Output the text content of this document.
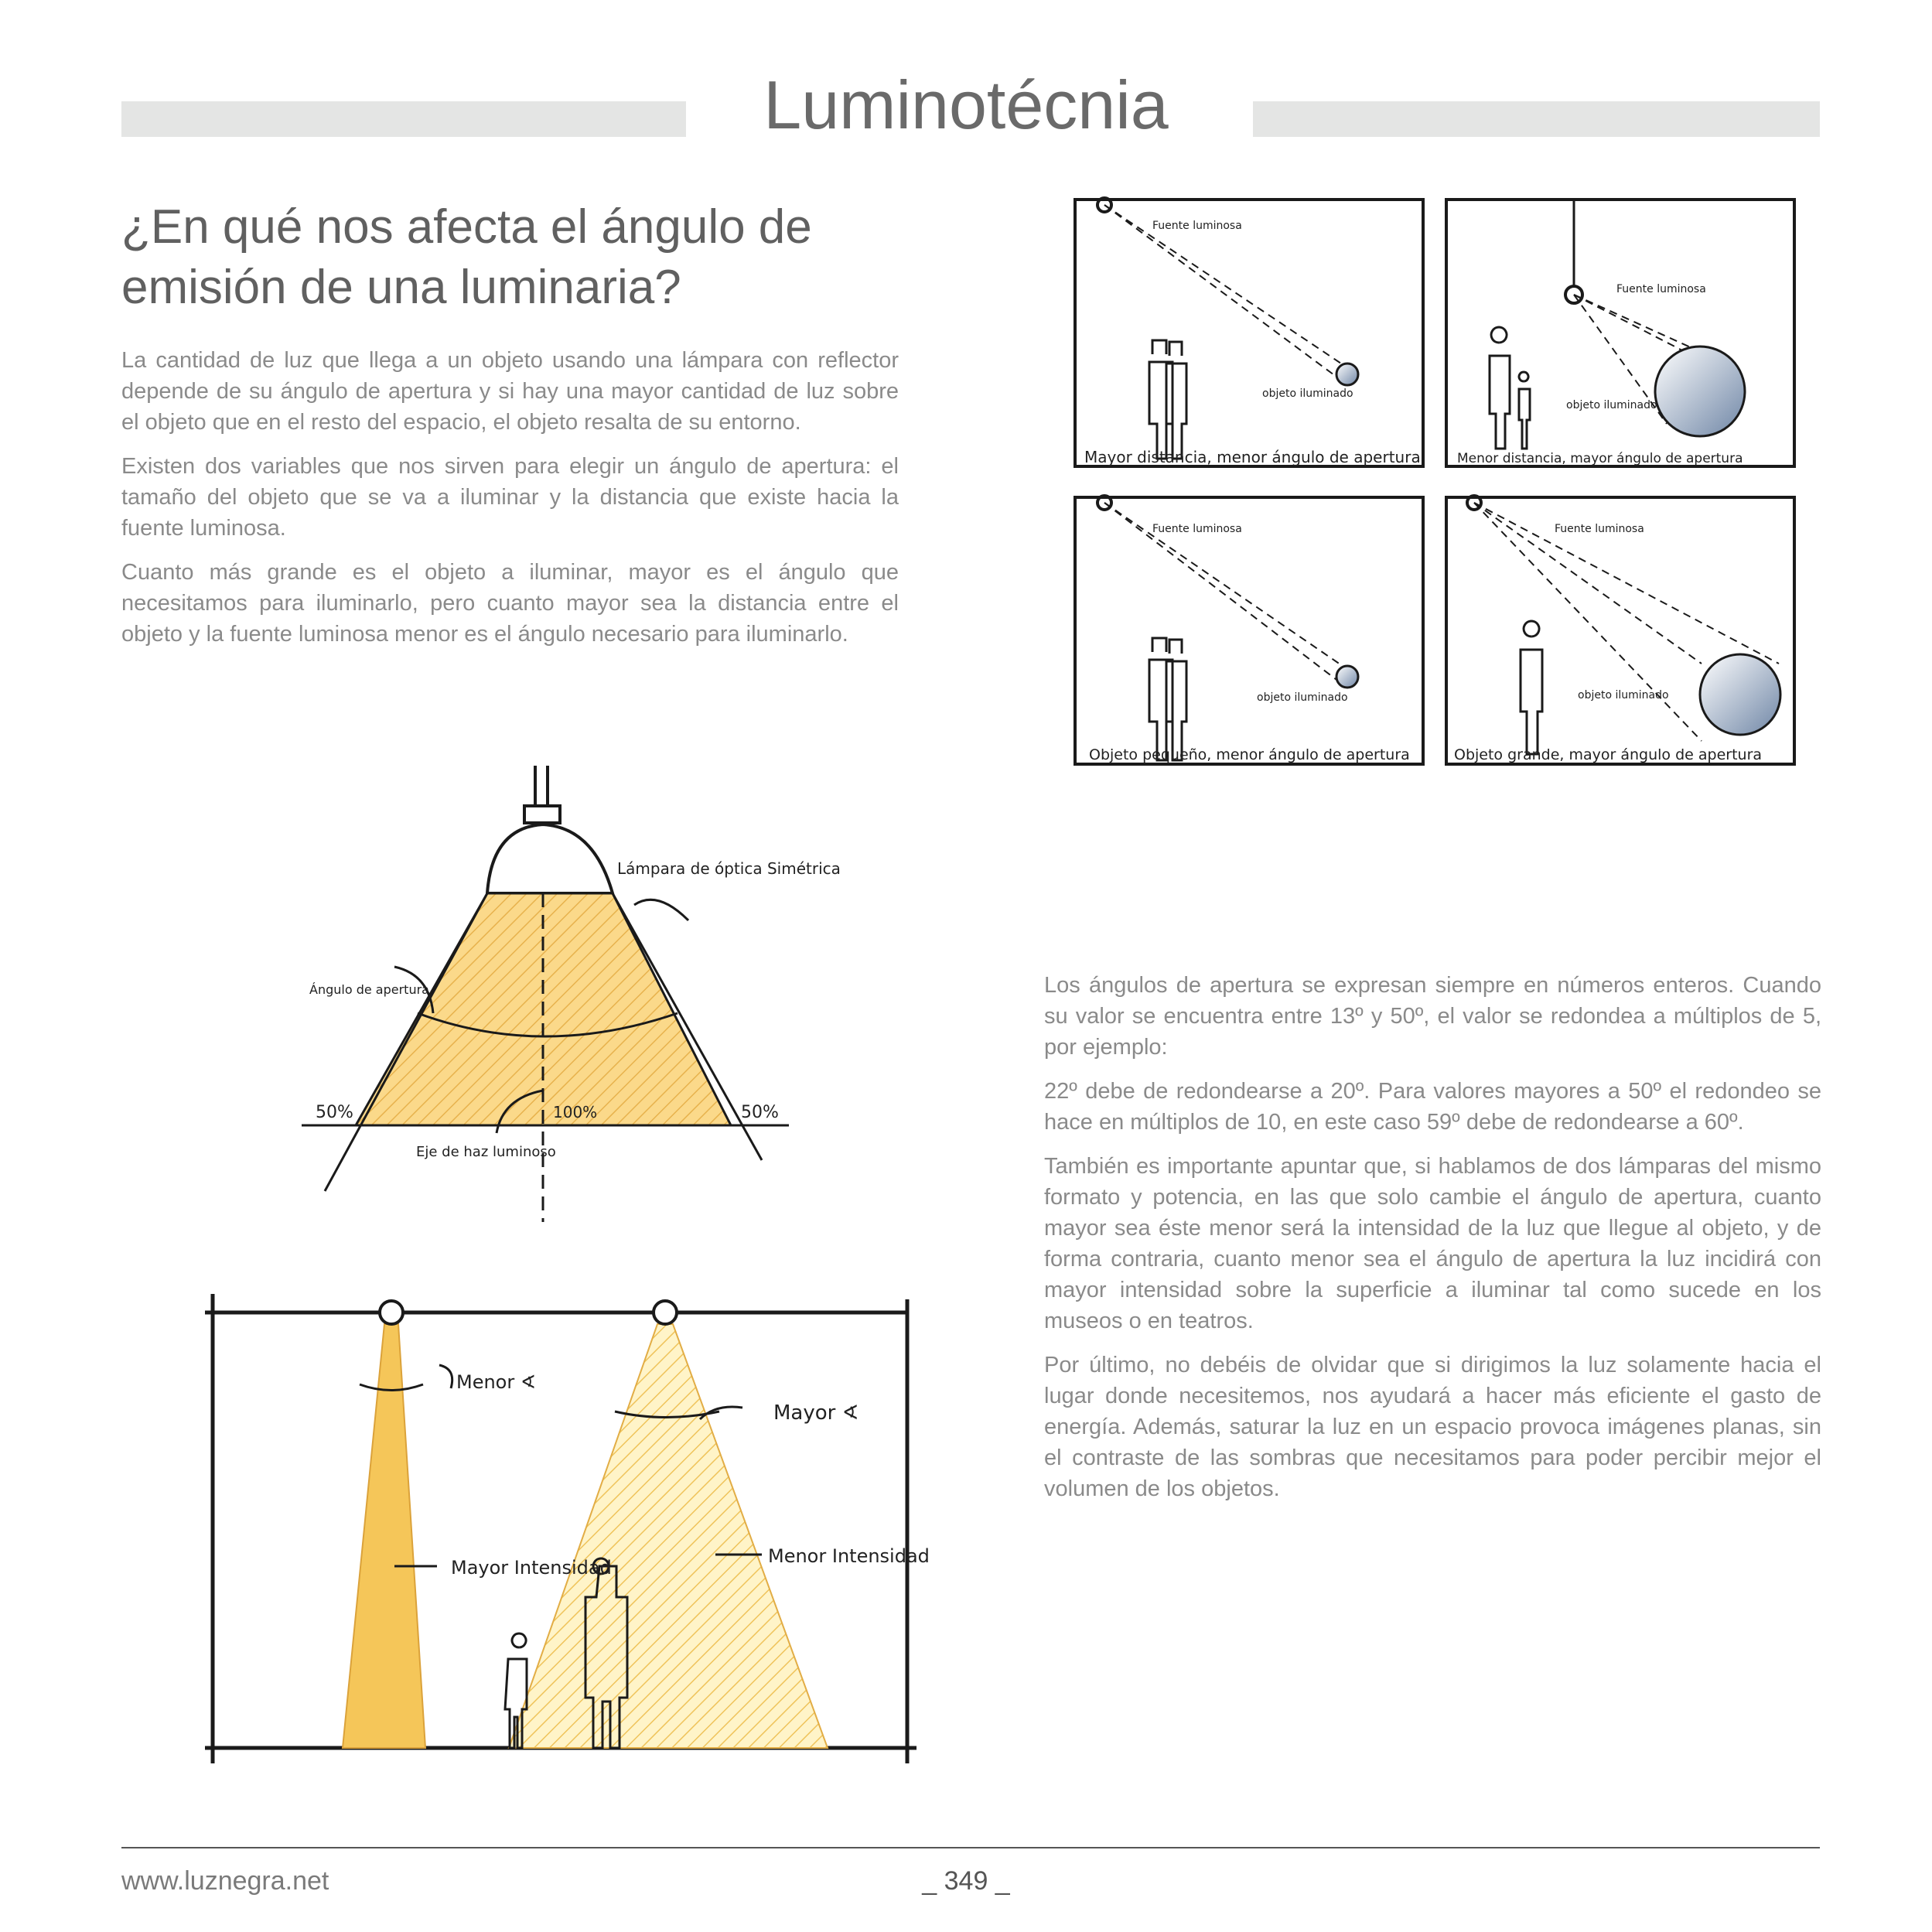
Luminotécnia
¿En qué nos afecta el ángulo de emisión de una luminaria?

La cantidad de luz que llega a un objeto usando una lámpara con reflector depende de su ángulo de apertura y si hay una mayor cantidad de luz sobre el objeto que en el resto del espacio, el objeto resalta de su entorno.

Existen dos variables que nos sirven para elegir un ángulo de apertura: el tamaño del objeto que se va a iluminar y la distancia que existe hacia la fuente luminosa.

Cuanto más grande es el objeto a iluminar, mayor es el ángulo que necesitamos para iluminarlo, pero cuanto mayor sea la distancia entre el objeto y la fuente luminosa menor es el ángulo necesario para iluminarlo.

Fuente luminosa
objeto iluminado
Mayor distancia, menor ángulo de apertura
Fuente luminosa
objeto iluminado
Menor distancia, mayor ángulo de apertura
Fuente luminosa
objeto iluminado
Objeto pequeño, menor ángulo de apertura
Fuente luminosa
objeto iluminado
Objeto grande, mayor ángulo de apertura
Lámpara de óptica Simétrica
Ángulo de apertura
50%	100%	50%
Eje de haz luminoso
Menor ∢
Mayor ∢
Mayor Intensidad
Menor Intensidad

Los ángulos de apertura se expresan siempre en números enteros. Cuando su valor se encuentra entre 13º y 50º, el valor se redondea a múltiplos de 5, por ejemplo:

22º debe de redondearse a 20º. Para valores mayores a 50º el redondeo se hace en múltiplos de 10, en este caso 59º debe de redondearse a 60º.

También es importante apuntar que, si hablamos de dos lámparas del mismo formato y potencia, en las que solo cambie el ángulo de apertura, cuanto mayor sea éste menor será la intensidad de la luz que llegue al objeto, y de forma contraria, cuanto menor sea el ángulo de apertura la luz incidirá con mayor intensidad sobre la superficie a iluminar tal como sucede en los museos o en teatros.

Por último, no debéis de olvidar que si dirigimos la luz solamente hacia el lugar donde necesitemos, nos ayudará a hacer más eficiente el gasto de energía. Además, saturar la luz en un espacio provoca imágenes planas, sin el contraste de las sombras que necesitamos para poder percibir mejor el volumen de los objetos.

www.luznegra.net	_ 349 _
